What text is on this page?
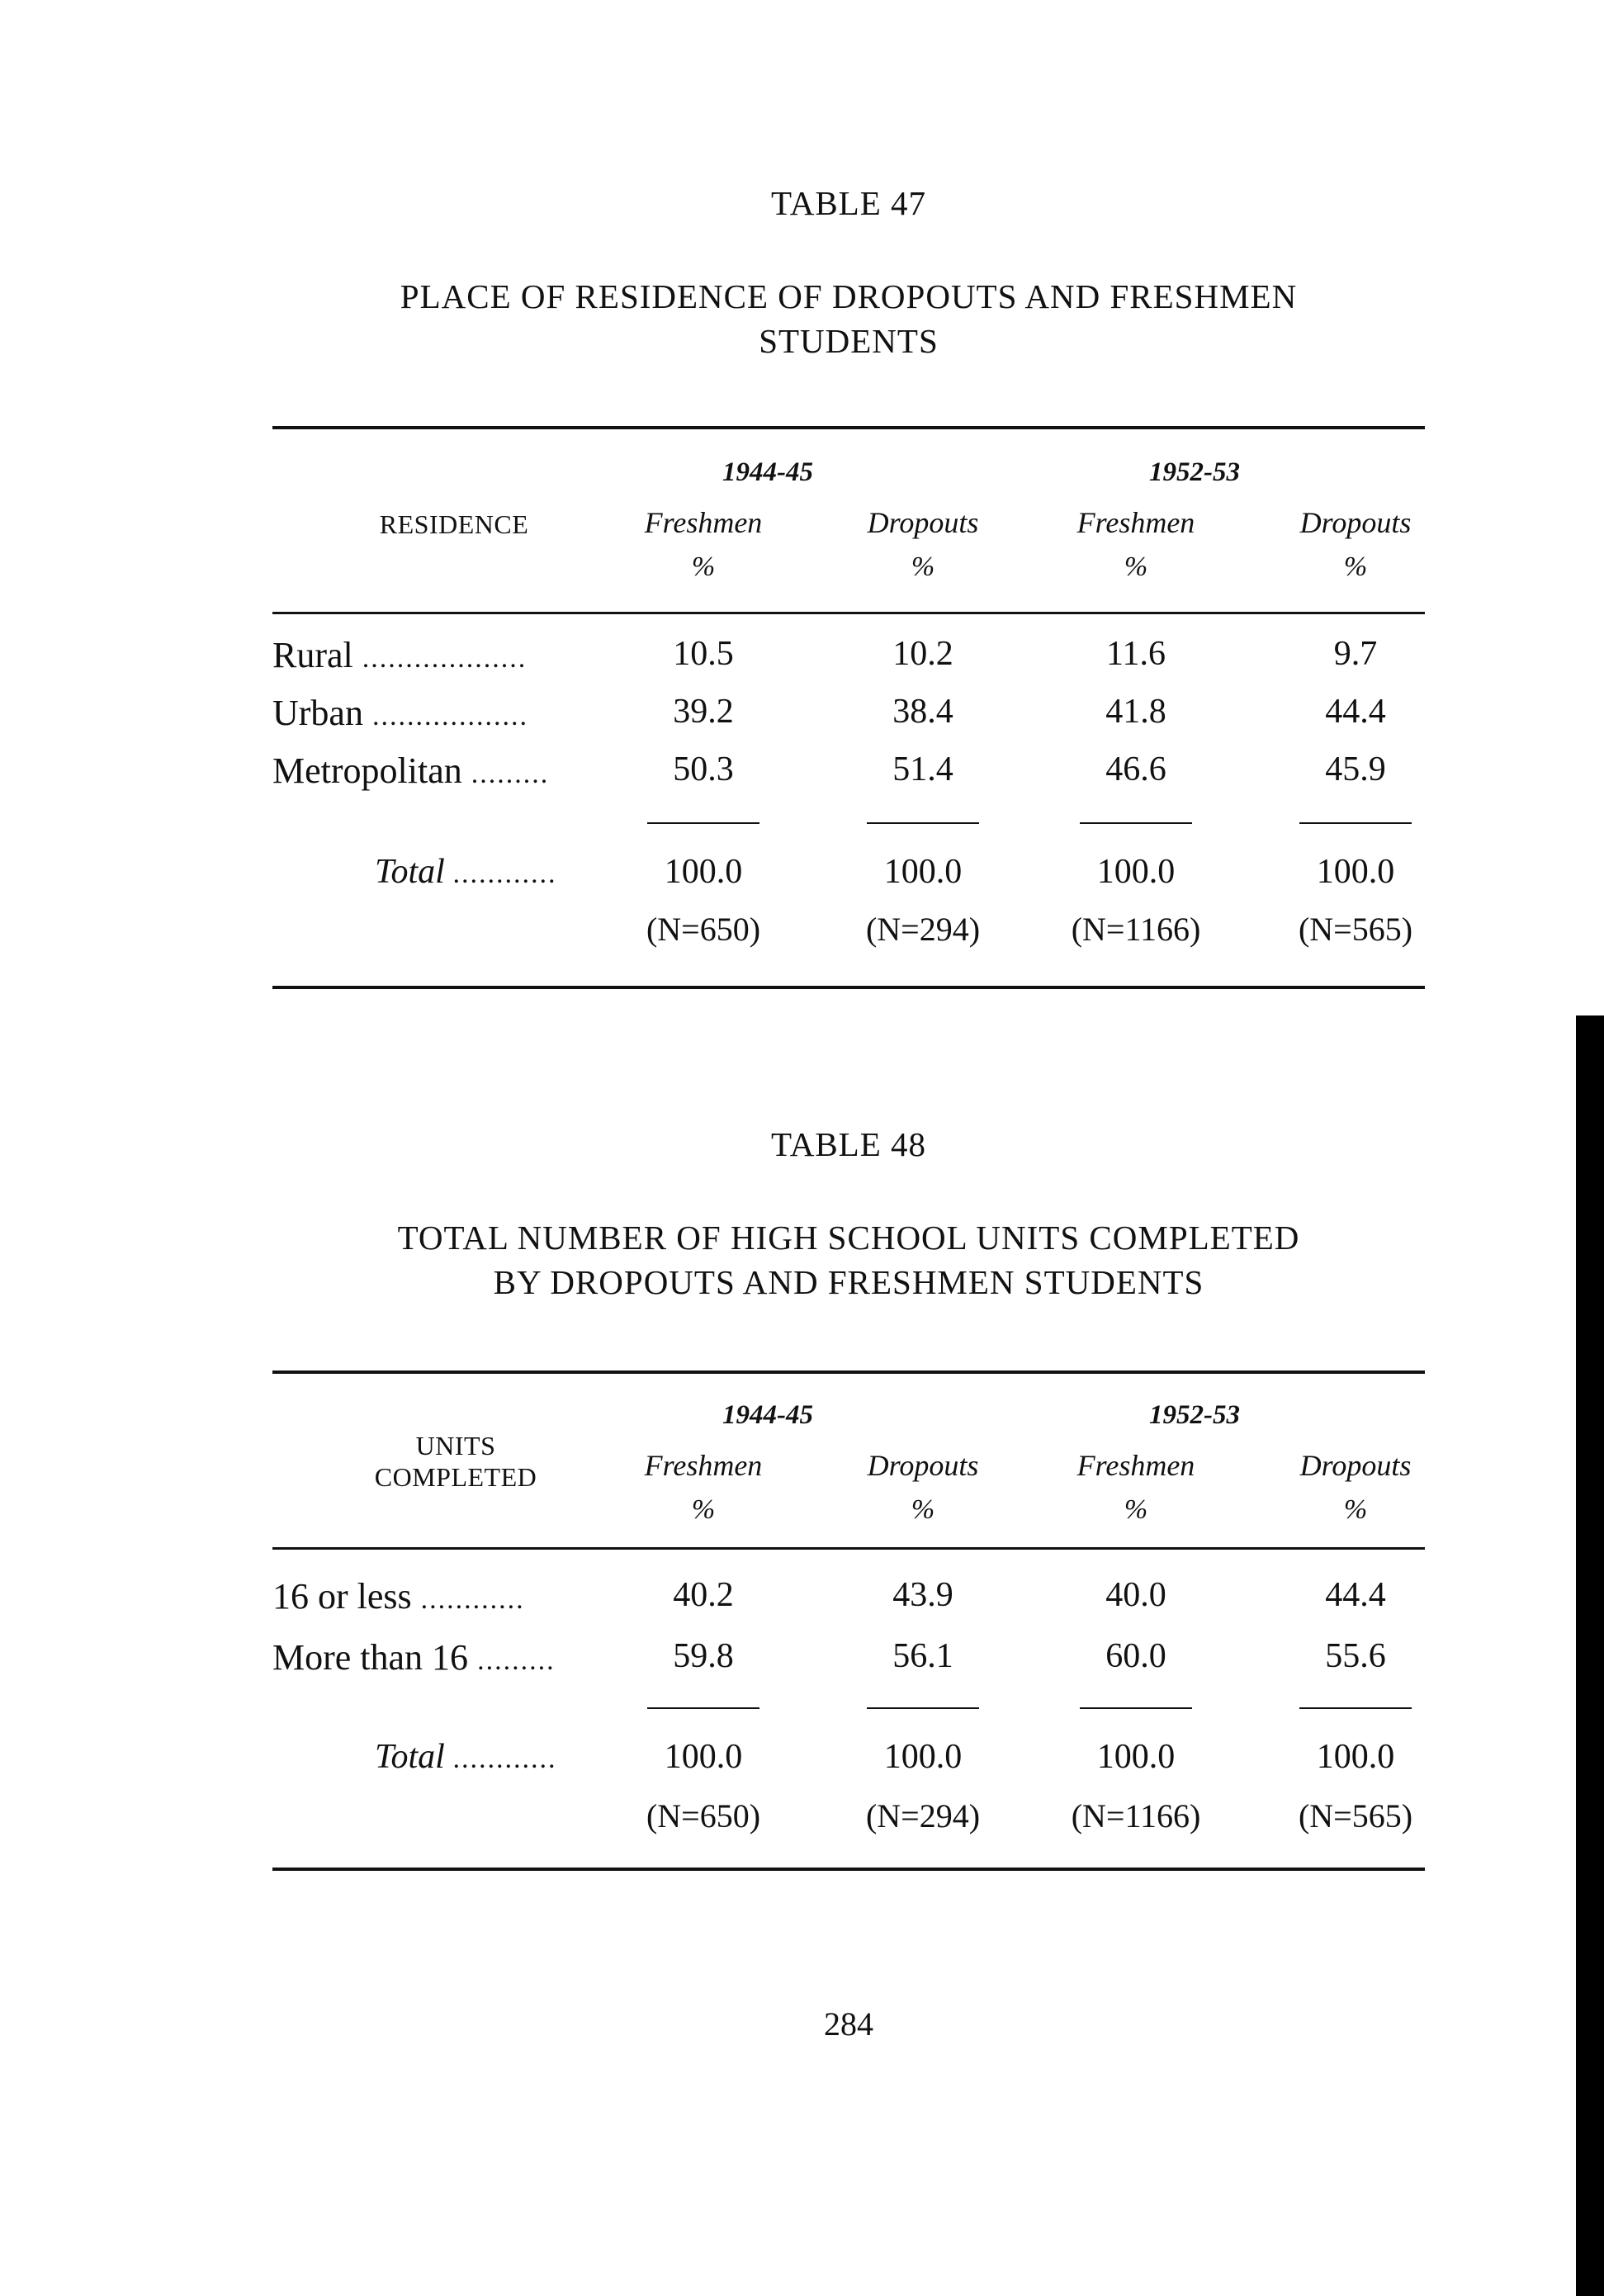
TABLE 47
PLACE OF RESIDENCE OF DROPOUTS AND FRESHMEN
STUDENTS
1944-45	1952-53
RESIDENCE	Freshmen	Dropouts	Freshmen	Dropouts
%	%	%	%
Rural ...................	10.5	10.2	11.6	9.7
Urban ..................	39.2	38.4	41.8	44.4
Metropolitan .........	50.3	51.4	46.6	45.9
Total ............	100.0	100.0	100.0	100.0
(N=650)	(N=294)	(N=1166)	(N=565)
TABLE 48
TOTAL NUMBER OF HIGH SCHOOL UNITS COMPLETED
BY DROPOUTS AND FRESHMEN STUDENTS
1944-45	1952-53
UNITS
COMPLETED	Freshmen	Dropouts	Freshmen	Dropouts
%	%	%	%
16 or less ............	40.2	43.9	40.0	44.4
More than 16 .........	59.8	56.1	60.0	55.6
Total ............	100.0	100.0	100.0	100.0
(N=650)	(N=294)	(N=1166)	(N=565)
284
